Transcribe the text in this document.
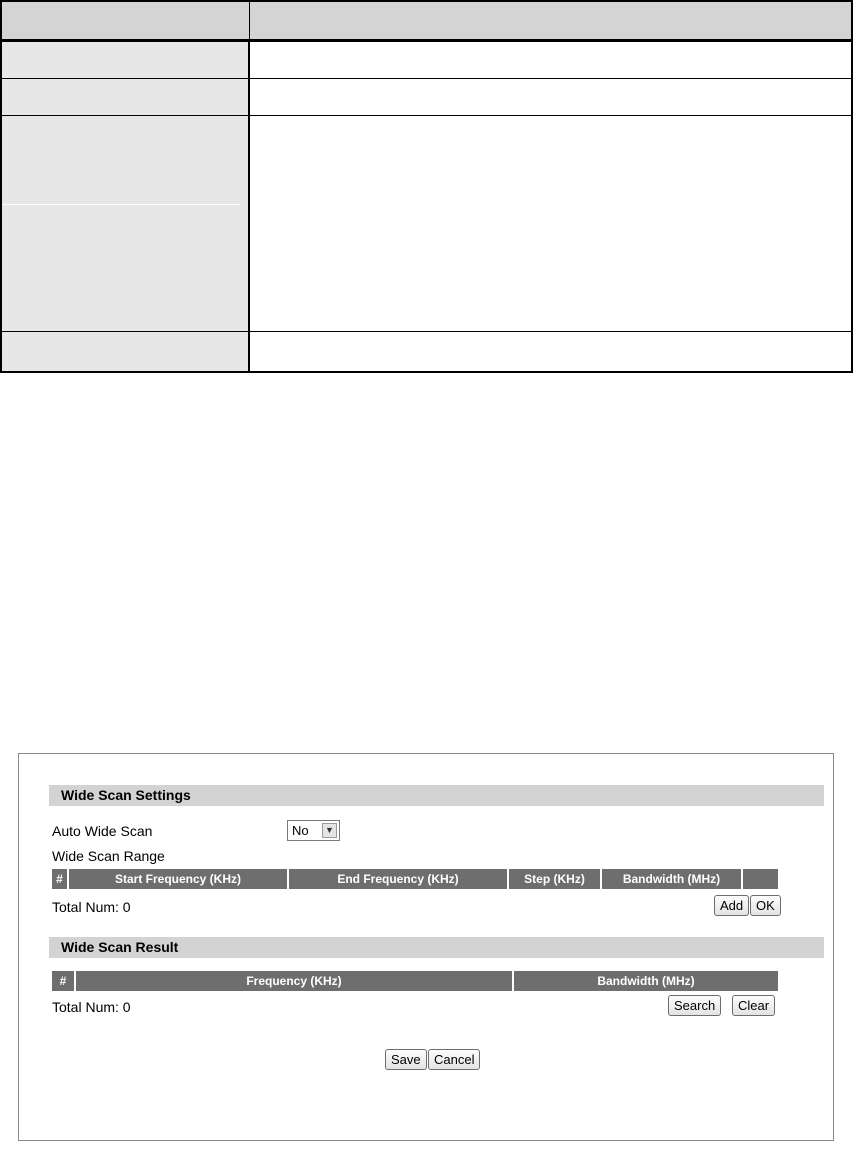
Wide Scan Settings
Auto Wide Scan	No	▼
Wide Scan Range
#	Start Frequency (KHz)	End Frequency (KHz)	Step (KHz)	Bandwidth (MHz)
Total Num: 0	Add OK
Wide Scan Result
#	Frequency (KHz)	Bandwidth (MHz)
Total Num: 0	Search	Clear
Save	Cancel
